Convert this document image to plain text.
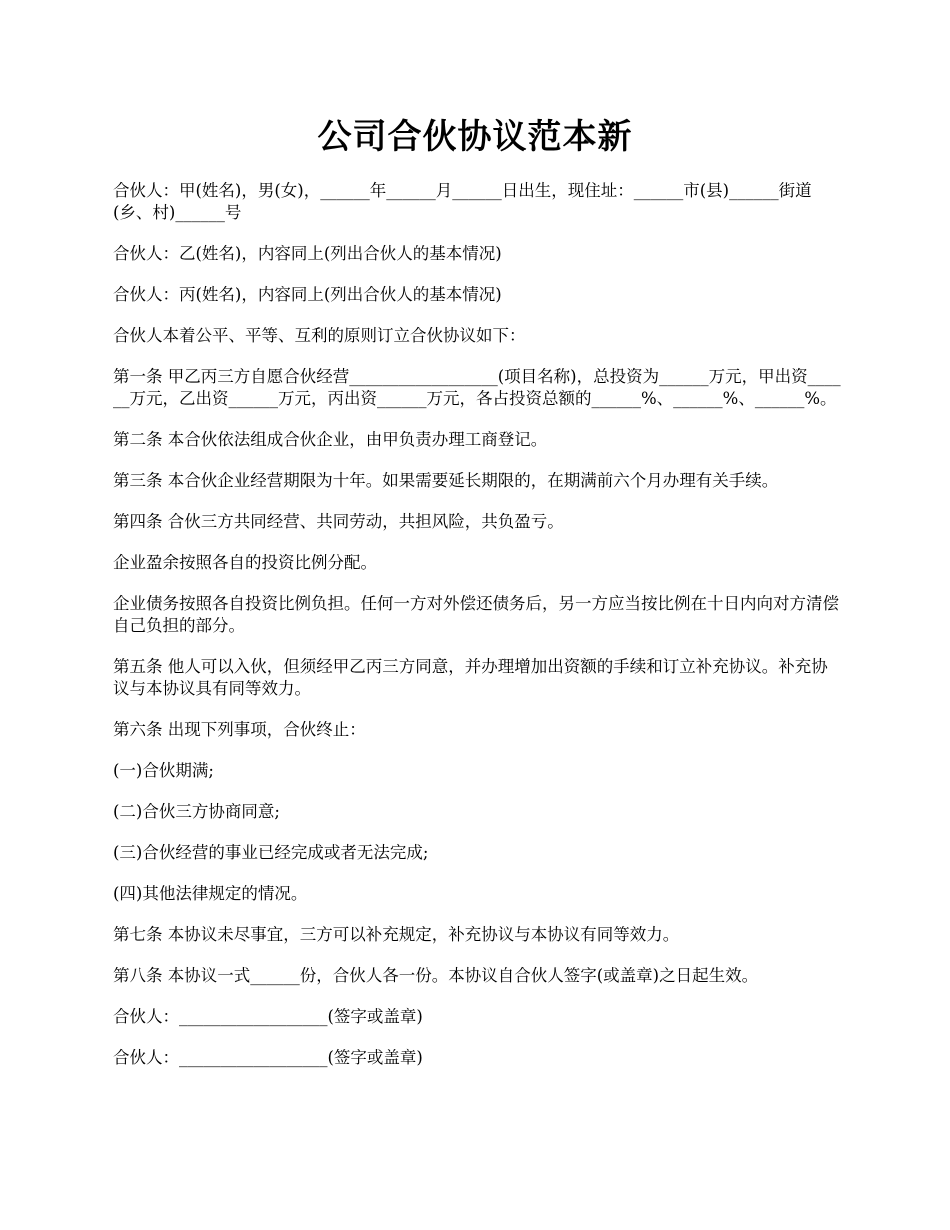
公司合伙协议范本新

合伙人：甲(姓名)，男(女)，______年______月______日出生，现住址：______市(县)______街道(乡、村)______号

合伙人：乙(姓名)，内容同上(列出合伙人的基本情况)

合伙人：丙(姓名)，内容同上(列出合伙人的基本情况)

合伙人本着公平、平等、互利的原则订立合伙协议如下：

第一条 甲乙丙三方自愿合伙经营__________________(项目名称)，总投资为______万元，甲出资______万元，乙出资______万元，丙出资______万元，各占投资总额的______%、______%、______%。

第二条 本合伙依法组成合伙企业，由甲负责办理工商登记。

第三条 本合伙企业经营期限为十年。如果需要延长期限的，在期满前六个月办理有关手续。

第四条 合伙三方共同经营、共同劳动，共担风险，共负盈亏。

企业盈余按照各自的投资比例分配。

企业债务按照各自投资比例负担。任何一方对外偿还债务后，另一方应当按比例在十日内向对方清偿自己负担的部分。

第五条 他人可以入伙，但须经甲乙丙三方同意，并办理增加出资额的手续和订立补充协议。补充协议与本协议具有同等效力。

第六条 出现下列事项，合伙终止：

(一)合伙期满;

(二)合伙三方协商同意;

(三)合伙经营的事业已经完成或者无法完成;

(四)其他法律规定的情况。

第七条 本协议未尽事宜，三方可以补充规定，补充协议与本协议有同等效力。

第八条 本协议一式______份，合伙人各一份。本协议自合伙人签字(或盖章)之日起生效。

合伙人：__________________(签字或盖章)

合伙人：__________________(签字或盖章)
